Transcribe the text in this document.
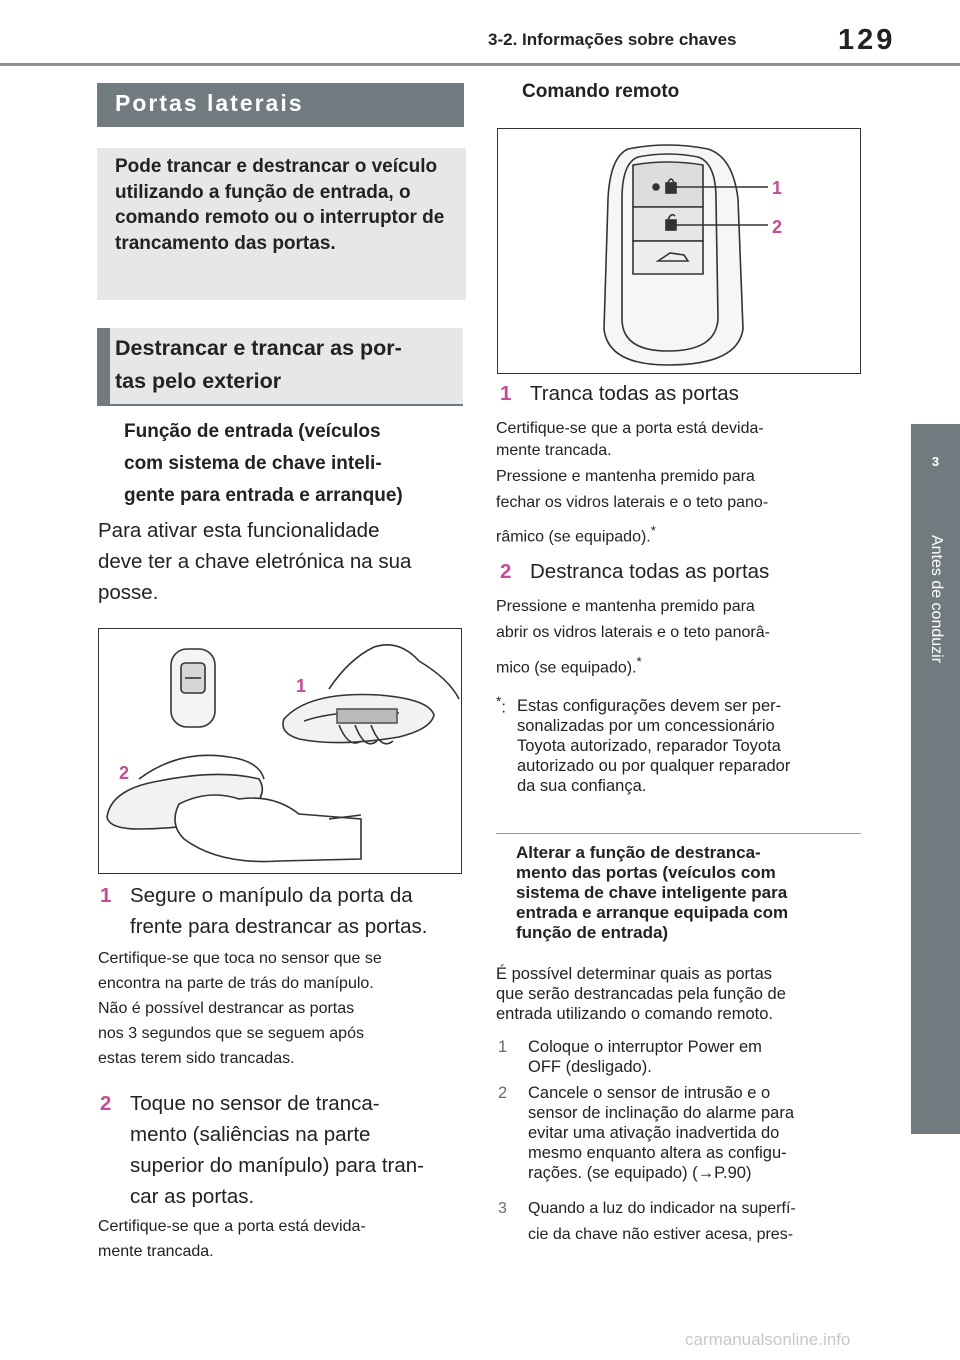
3-2. Informações sobre chaves	129
3
Antes de conduzir
Portas laterais
Pode trancar e destrancar o veículo utilizando a função de entrada, o comando remoto ou o interruptor de trancamento das portas.
Destrancar e trancar as por-
tas pelo exterior
Função de entrada (veículos
com sistema de chave inteli-
gente para entrada e arranque)
Para ativar esta funcionalidade
deve ter a chave eletrónica na sua
posse.
1
2
1 Segure o manípulo da porta da
frente para destrancar as portas.
Certifique-se que toca no sensor que se
encontra na parte de trás do manípulo.
Não é possível destrancar as portas
nos 3 segundos que se seguem após
estas terem sido trancadas.
2 Toque no sensor de tranca-
mento (saliências na parte
superior do manípulo) para tran-
car as portas.
Certifique-se que a porta está devida-
mente trancada.
Comando remoto
1
2
1 Tranca todas as portas
Certifique-se que a porta está devida-
mente trancada.
Pressione e mantenha premido para
fechar os vidros laterais e o teto pano-
râmico (se equipado).*
2 Destranca todas as portas
Pressione e mantenha premido para
abrir os vidros laterais e o teto panorâ-
mico (se equipado).*
*: Estas configurações devem ser per-
sonalizadas por um concessionário
Toyota autorizado, reparador Toyota
autorizado ou por qualquer reparador
da sua confiança.
Alterar a função de destranca-
mento das portas (veículos com
sistema de chave inteligente para
entrada e arranque equipada com
função de entrada)
É possível determinar quais as portas
que serão destrancadas pela função de
entrada utilizando o comando remoto.
1	Coloque o interruptor Power em
OFF (desligado).
2	Cancele o sensor de intrusão e o
sensor de inclinação do alarme para
evitar uma ativação inadvertida do
mesmo enquanto altera as configu-
rações. (se equipado) (→P.90)
3	Quando a luz do indicador na superfí-
cie da chave não estiver acesa, pres-
carmanualsonline.info
